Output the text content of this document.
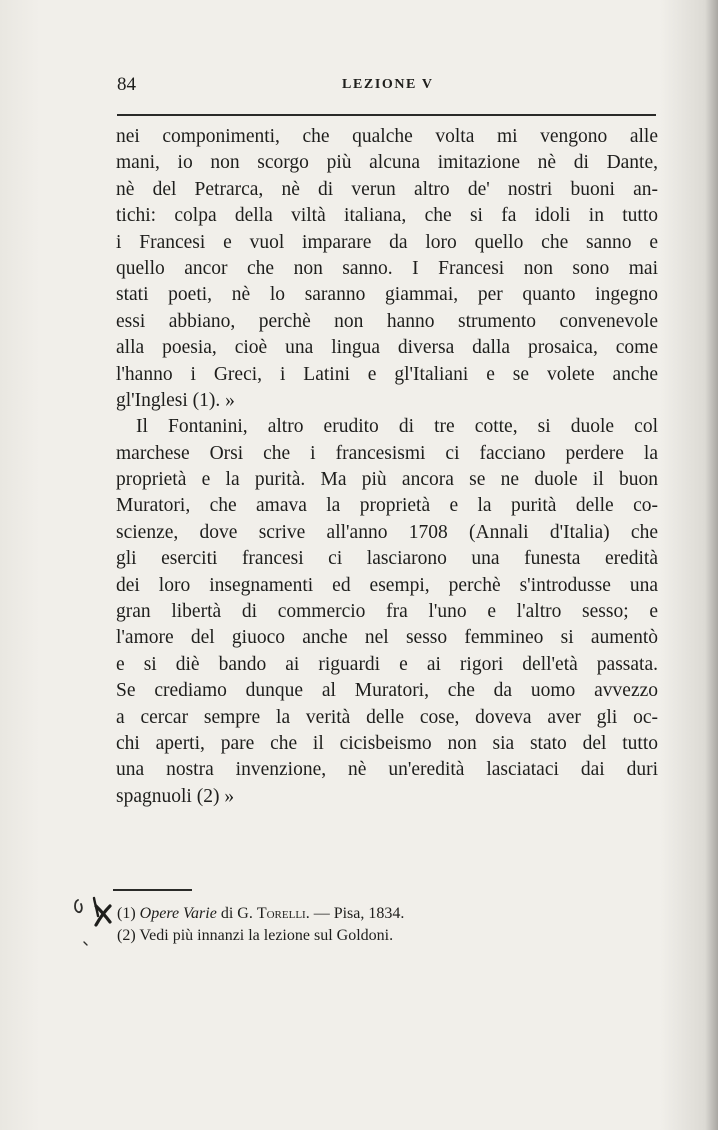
84	LEZIONE V
nei componimenti, che qualche volta mi vengono alle
mani, io non scorgo più alcuna imitazione nè di Dante,
nè del Petrarca, nè di verun altro de' nostri buoni an-
tichi: colpa della viltà italiana, che si fa idoli in tutto
i Francesi e vuol imparare da loro quello che sanno e
quello ancor che non sanno. I Francesi non sono mai
stati poeti, nè lo saranno giammai, per quanto ingegno
essi abbiano, perchè non hanno strumento convenevole
alla poesia, cioè una lingua diversa dalla prosaica, come
l'hanno i Greci, i Latini e gl'Italiani e se volete anche
gl'Inglesi (1). »
Il Fontanini, altro erudito di tre cotte, si duole col
marchese Orsi che i francesismi ci facciano perdere la
proprietà e la purità. Ma più ancora se ne duole il buon
Muratori, che amava la proprietà e la purità delle co-
scienze, dove scrive all'anno 1708 (Annali d'Italia) che
gli eserciti francesi ci lasciarono una funesta eredità
dei loro insegnamenti ed esempi, perchè s'introdusse una
gran libertà di commercio fra l'uno e l'altro sesso; e
l'amore del giuoco anche nel sesso femmineo si aumentò
e si diè bando ai riguardi e ai rigori dell'età passata.
Se crediamo dunque al Muratori, che da uomo avvezzo
a cercar sempre la verità delle cose, doveva aver gli oc-
chi aperti, pare che il cicisbeismo non sia stato del tutto
una nostra invenzione, nè un'eredità lasciataci dai duri
spagnuoli (2) »
(1) Opere Varie di G. Torelli. — Pisa, 1834.
(2) Vedi più innanzi la lezione sul Goldoni.
